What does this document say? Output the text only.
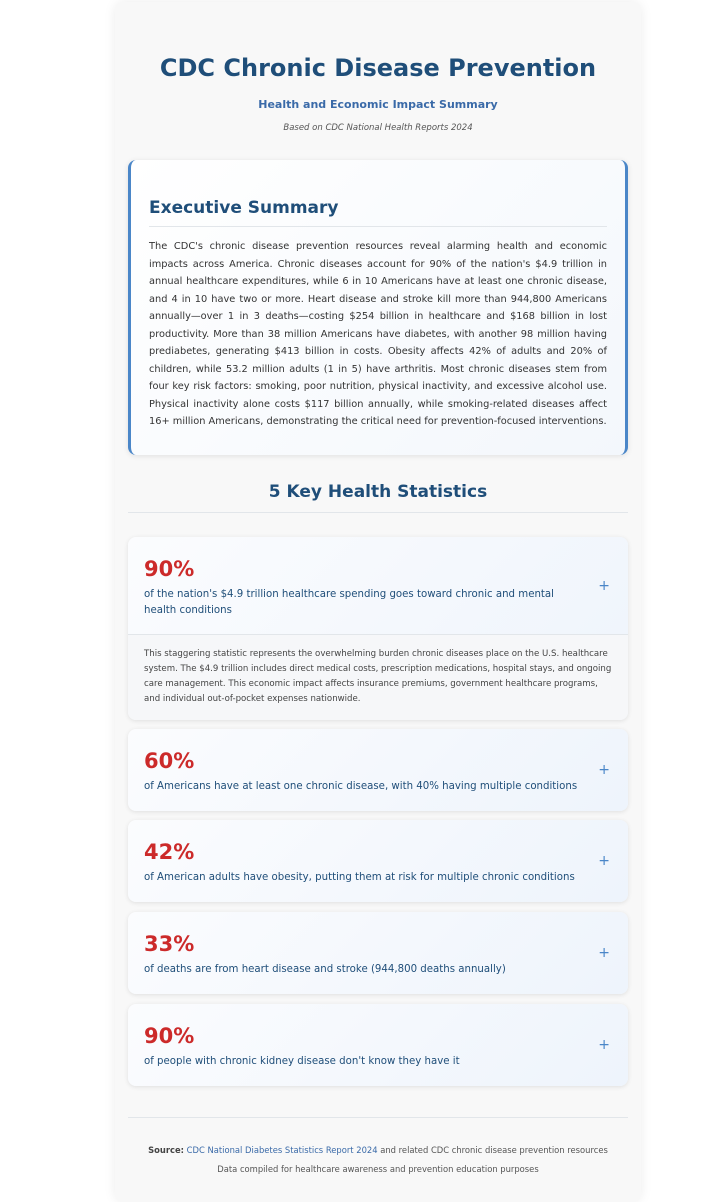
CDC Chronic Disease Prevention
Health and Economic Impact Summary
Based on CDC National Health Reports 2024
Executive Summary

The CDC's chronic disease prevention resources reveal alarming health and economic impacts across America. Chronic diseases account for 90% of the nation's $4.9 trillion in annual healthcare expenditures, while 6 in 10 Americans have at least one chronic disease, and 4 in 10 have two or more. Heart disease and stroke kill more than 944,800 Americans annually—over 1 in 3 deaths—costing $254 billion in healthcare and $168 billion in lost productivity. More than 38 million Americans have diabetes, with another 98 million having prediabetes, generating $413 billion in costs. Obesity affects 42% of adults and 20% of children, while 53.2 million adults (1 in 5) have arthritis. Most chronic diseases stem from four key risk factors: smoking, poor nutrition, physical inactivity, and excessive alcohol use. Physical inactivity alone costs $117 billion annually, while smoking-related diseases affect 16+ million Americans, demonstrating the critical need for prevention-focused interventions.

5 Key Health Statistics
90%
of the nation's $4.9 trillion healthcare spending goes toward chronic and mental health conditions
+
This staggering statistic represents the overwhelming burden chronic diseases place on the U.S. healthcare system. The $4.9 trillion includes direct medical costs, prescription medications, hospital stays, and ongoing care management. This economic impact affects insurance premiums, government healthcare programs, and individual out-of-pocket expenses nationwide.
60%
of Americans have at least one chronic disease, with 40% having multiple conditions
+
42%
of American adults have obesity, putting them at risk for multiple chronic conditions
+
33%
of deaths are from heart disease and stroke (944,800 deaths annually)
+
90%
of people with chronic kidney disease don't know they have it
+
Source: CDC National Diabetes Statistics Report 2024 and related CDC chronic disease prevention resources
Data compiled for healthcare awareness and prevention education purposes
